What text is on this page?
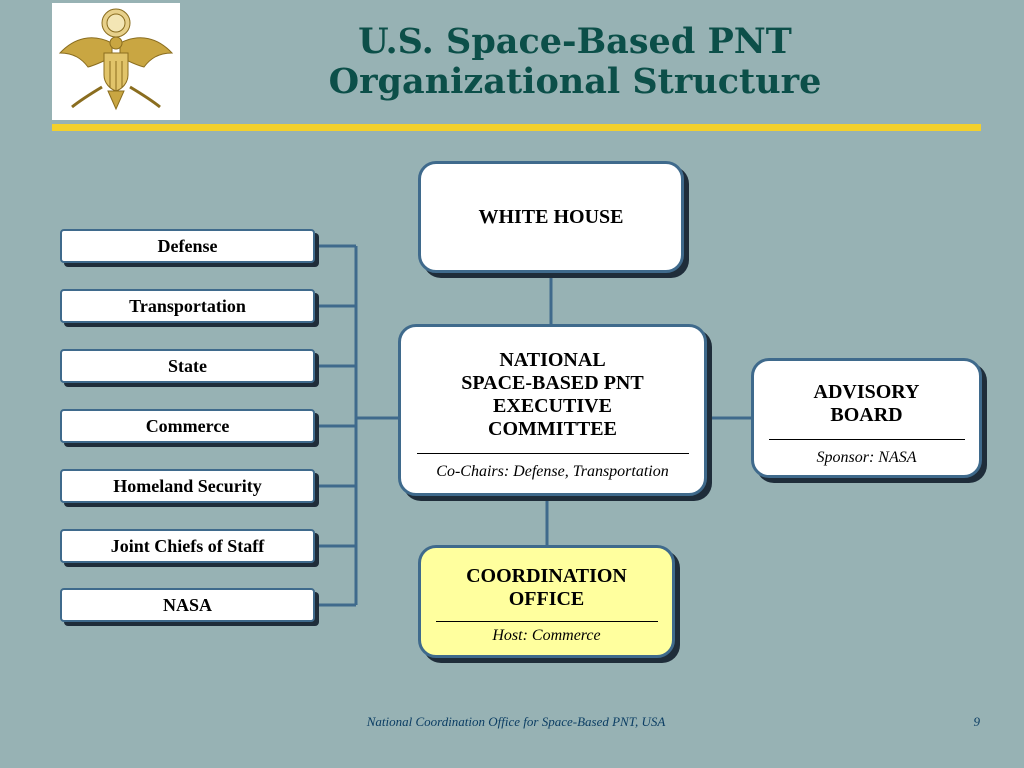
U.S. Space-Based PNT
Organizational Structure
Defense
Transportation
State
Commerce
Homeland Security
Joint Chiefs of Staff
NASA
WHITE HOUSE
NATIONAL
SPACE-BASED PNT
EXECUTIVE
COMMITTEE
Co-Chairs: Defense, Transportation
ADVISORY
BOARD
Sponsor: NASA
COORDINATION
OFFICE
Host: Commerce
National Coordination Office for Space-Based PNT, USA	9
